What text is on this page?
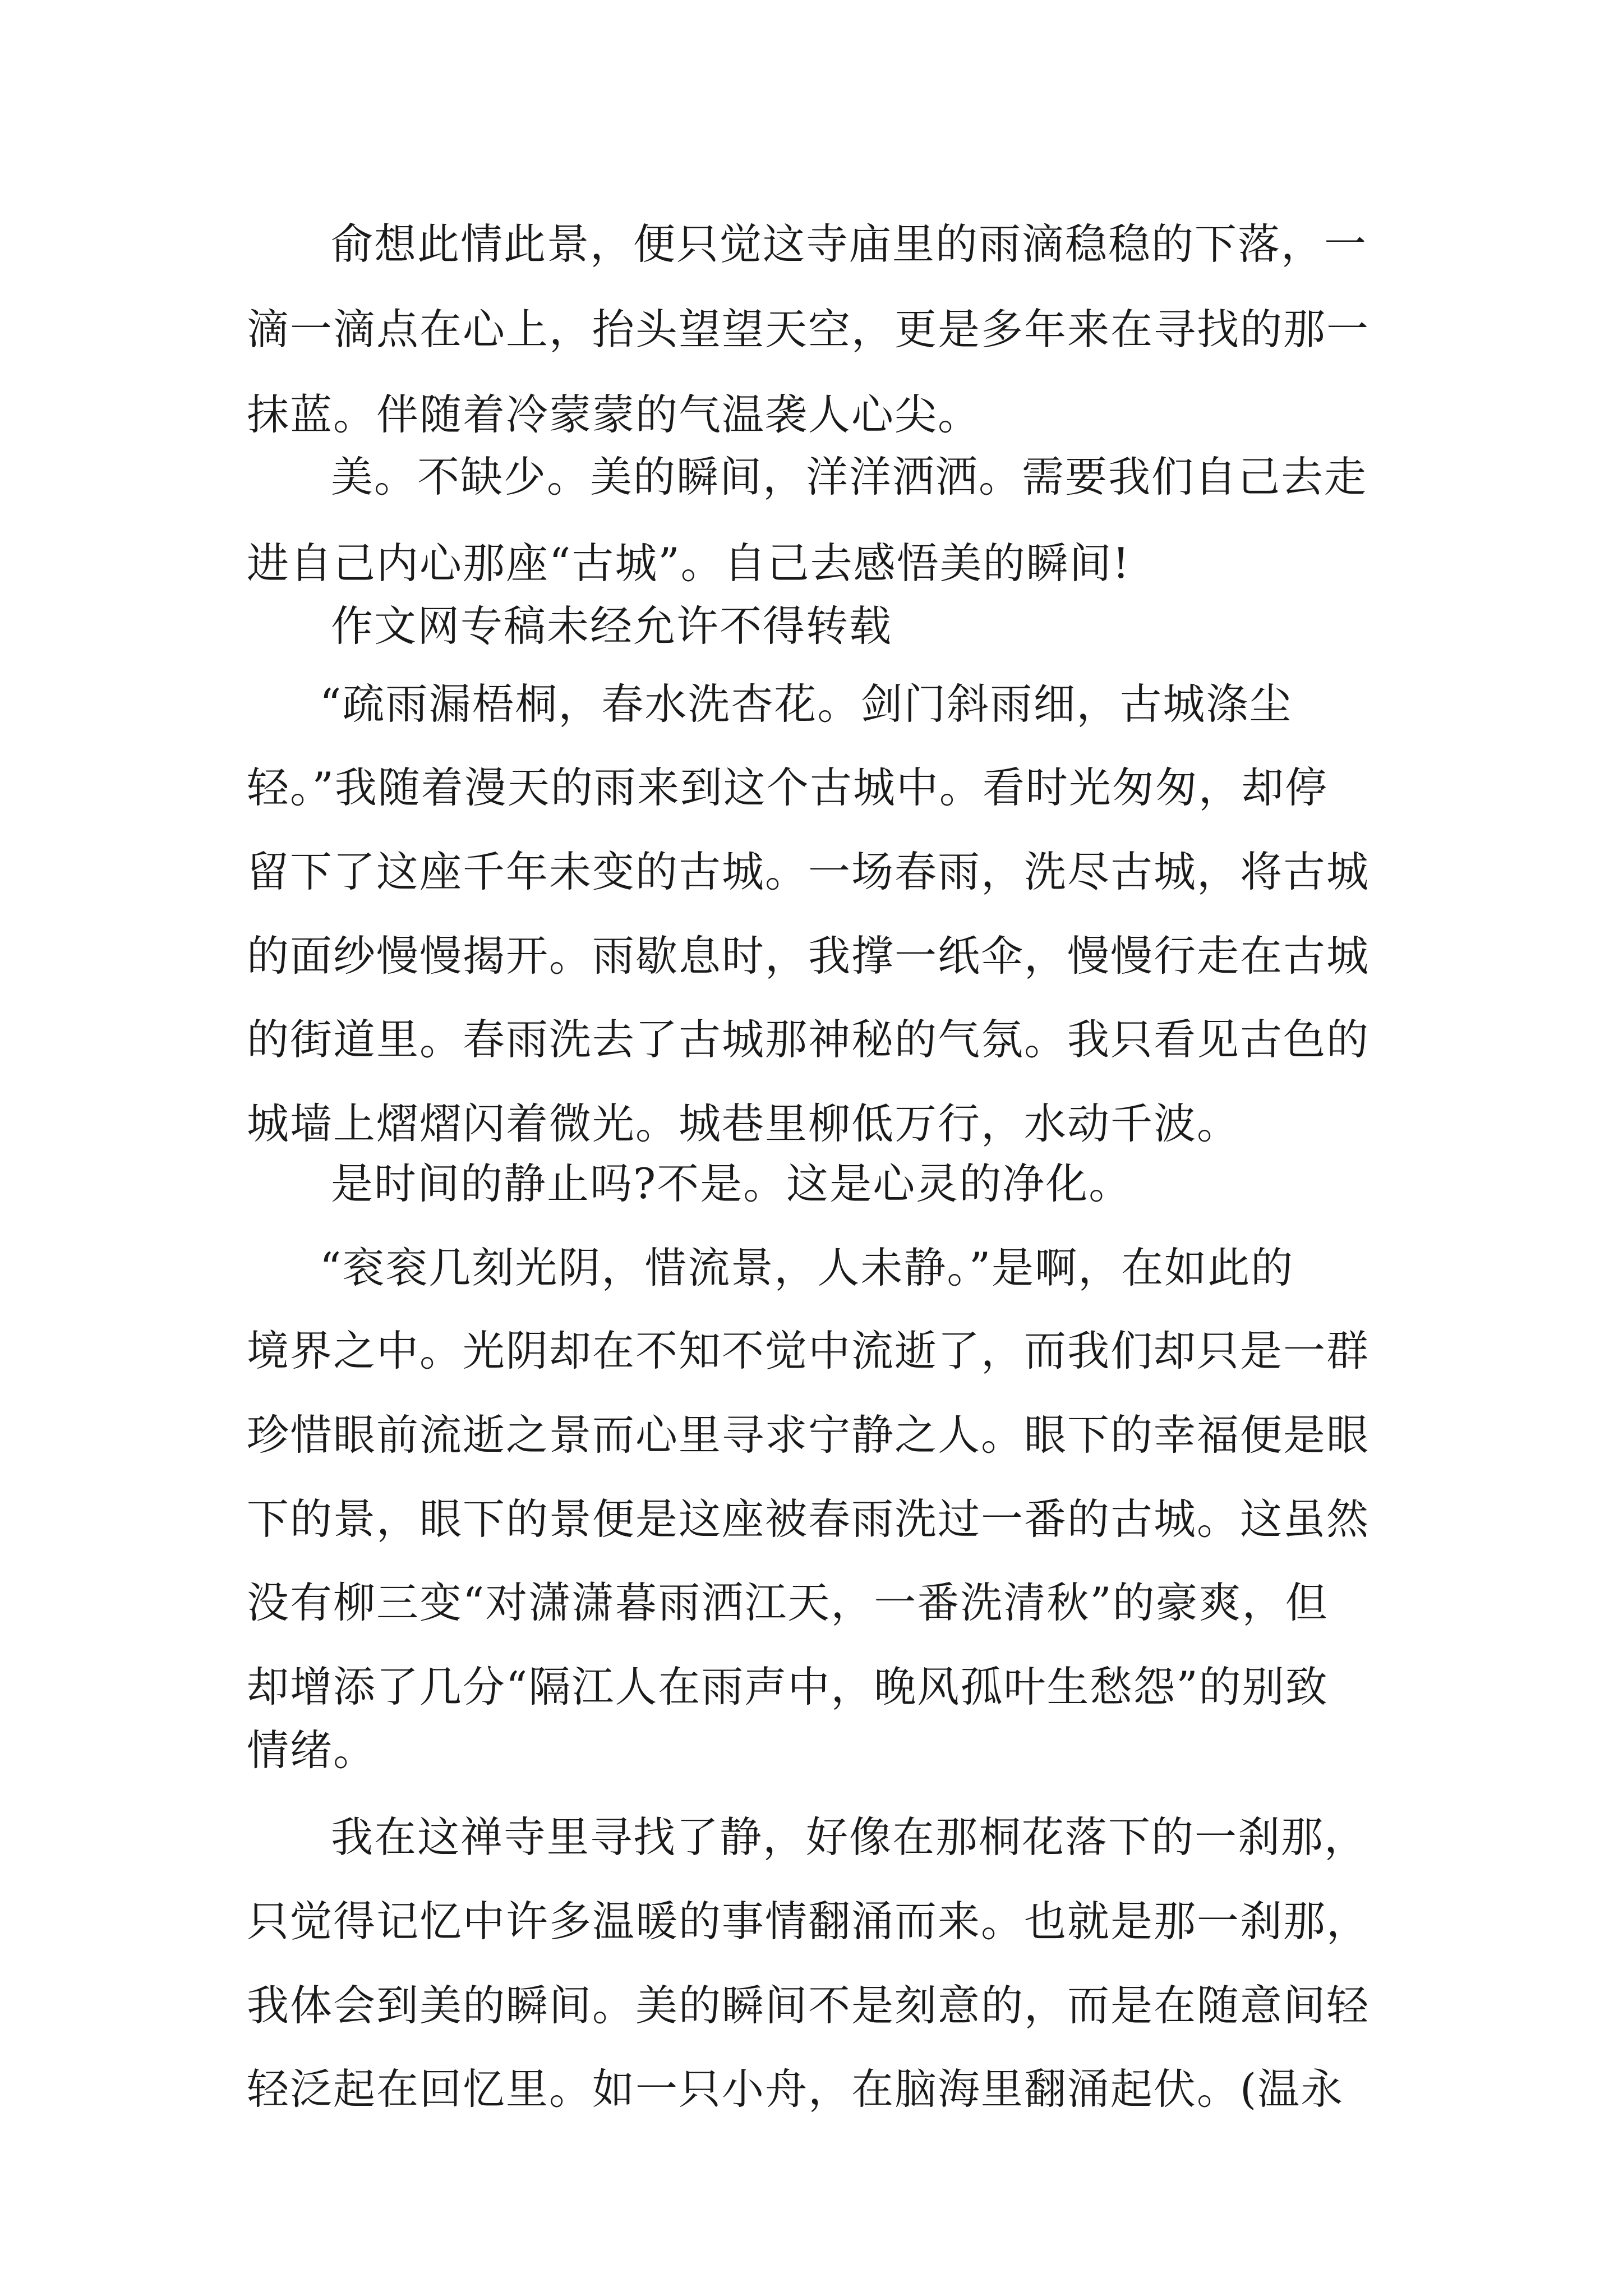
俞想此情此景，便只觉这寺庙里的雨滴稳稳的下落，一
滴一滴点在心上，抬头望望天空，更是多年来在寻找的那一
抹蓝。伴随着冷蒙蒙的气温袭人心尖。
美。不缺少。美的瞬间，洋洋洒洒。需要我们自己去走
进自己内心那座“古城”。自己去感悟美的瞬间!
作文网专稿未经允许不得转载
“疏雨漏梧桐，春水洗杏花。剑门斜雨细，古城涤尘
轻。”我随着漫天的雨来到这个古城中。看时光匆匆，却停
留下了这座千年未变的古城。一场春雨，洗尽古城，将古城
的面纱慢慢揭开。雨歇息时，我撑一纸伞，慢慢行走在古城
的街道里。春雨洗去了古城那神秘的气氛。我只看见古色的
城墙上熠熠闪着微光。城巷里柳低万行，水动千波。
是时间的静止吗?不是。这是心灵的净化。
“衮衮几刻光阴，惜流景，人未静。”是啊，在如此的
境界之中。光阴却在不知不觉中流逝了，而我们却只是一群
珍惜眼前流逝之景而心里寻求宁静之人。眼下的幸福便是眼
下的景，眼下的景便是这座被春雨洗过一番的古城。这虽然
没有柳三变“对潇潇暮雨洒江天，一番洗清秋”的豪爽，但
却增添了几分“隔江人在雨声中，晚风孤叶生愁怨”的别致
情绪。
我在这禅寺里寻找了静，好像在那桐花落下的一刹那，
只觉得记忆中许多温暖的事情翻涌而来。也就是那一刹那，
我体会到美的瞬间。美的瞬间不是刻意的，而是在随意间轻
轻泛起在回忆里。如一只小舟，在脑海里翻涌起伏。(温永
